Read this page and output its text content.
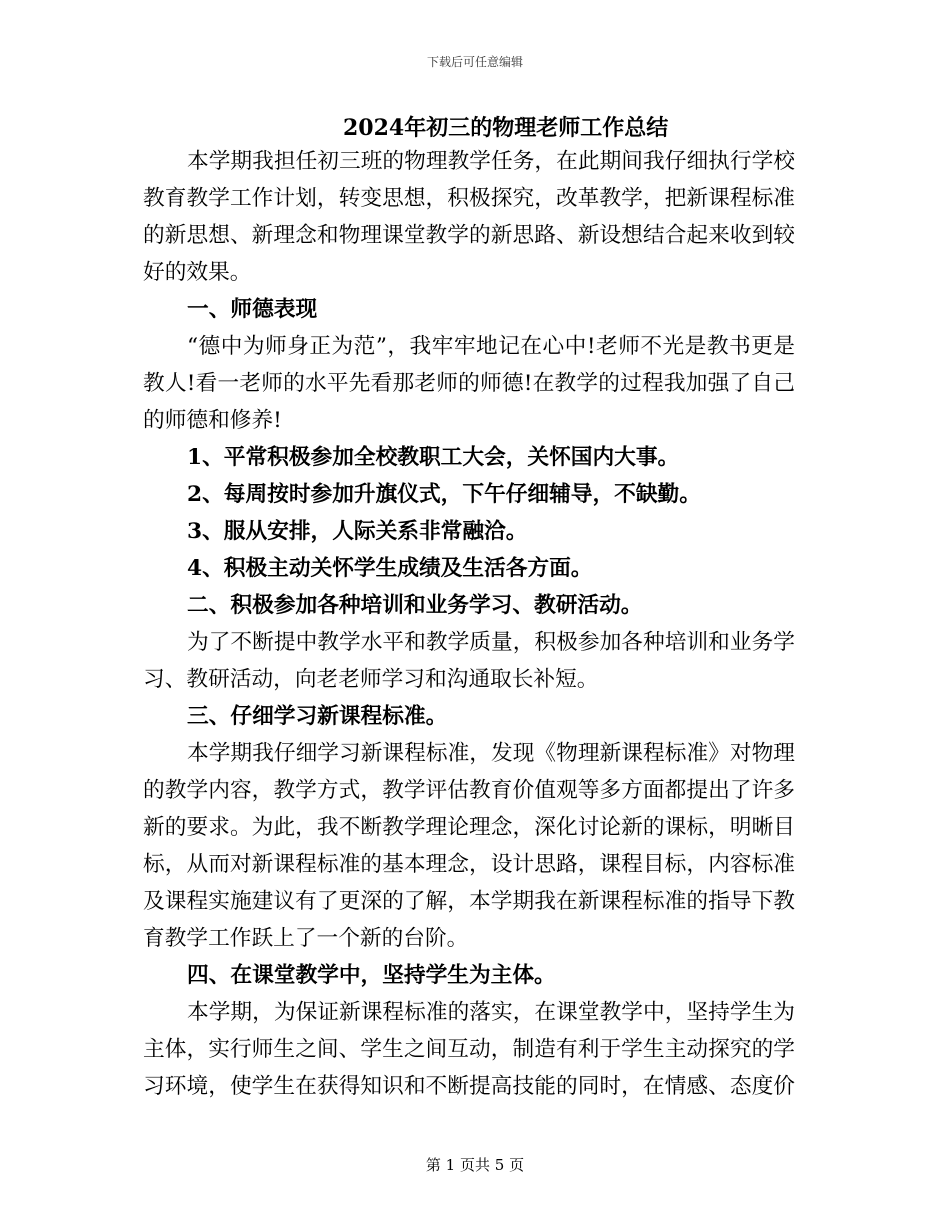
下载后可任意编辑
2024年初三的物理老师工作总结
本学期我担任初三班的物理教学任务，在此期间我仔细执行学校
教育教学工作计划，转变思想，积极探究，改革教学，把新课程标准
的新思想、新理念和物理课堂教学的新思路、新设想结合起来收到较
好的效果。
一、师德表现
“德中为师身正为范”，我牢牢地记在心中!老师不光是教书更是
教人!看一老师的水平先看那老师的师德!在教学的过程我加强了自己
的师德和修养!
1、平常积极参加全校教职工大会，关怀国内大事。
2、每周按时参加升旗仪式，下午仔细辅导，不缺勤。
3、服从安排，人际关系非常融洽。
4、积极主动关怀学生成绩及生活各方面。
二、积极参加各种培训和业务学习、教研活动。
为了不断提中教学水平和教学质量，积极参加各种培训和业务学
习、教研活动，向老老师学习和沟通取长补短。
三、仔细学习新课程标准。
本学期我仔细学习新课程标准，发现《物理新课程标准》对物理
的教学内容，教学方式，教学评估教育价值观等多方面都提出了许多
新的要求。为此，我不断教学理论理念，深化讨论新的课标，明晰目
标，从而对新课程标准的基本理念，设计思路，课程目标，内容标准
及课程实施建议有了更深的了解，本学期我在新课程标准的指导下教
育教学工作跃上了一个新的台阶。
四、在课堂教学中，坚持学生为主体。
本学期，为保证新课程标准的落实，在课堂教学中，坚持学生为
主体，实行师生之间、学生之间互动，制造有利于学生主动探究的学
习环境，使学生在获得知识和不断提高技能的同时，在情感、态度价
第 1 页共 5 页
